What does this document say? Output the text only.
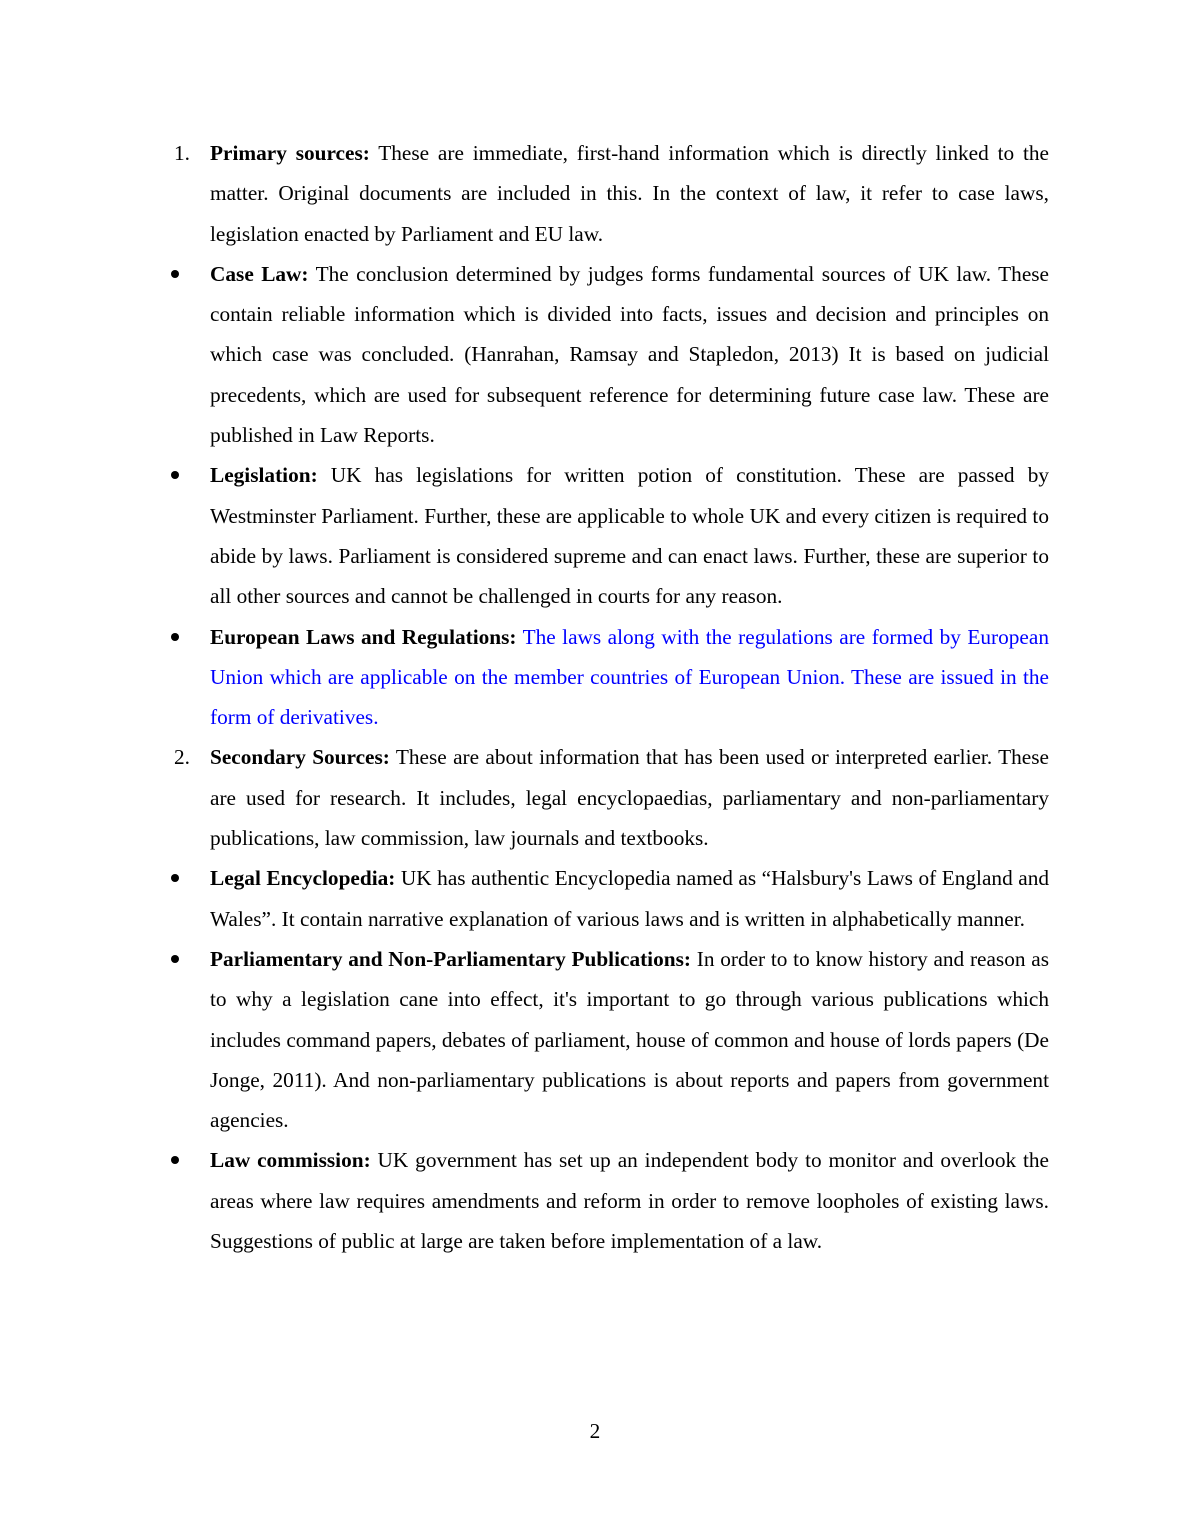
1. Primary sources: These are immediate, first-hand information which is directly linked to the matter. Original documents are included in this. In the context of law, it refer to case laws, legislation enacted by Parliament and EU law.

Case Law: The conclusion determined by judges forms fundamental sources of UK law. These contain reliable information which is divided into facts, issues and decision and principles on which case was concluded. (Hanrahan, Ramsay and Stapledon, 2013) It is based on judicial precedents, which are used for subsequent reference for determining future case law. These are published in Law Reports.

Legislation: UK has legislations for written potion of constitution. These are passed by Westminster Parliament. Further, these are applicable to whole UK and every citizen is required to abide by laws. Parliament is considered supreme and can enact laws. Further, these are superior to all other sources and cannot be challenged in courts for any reason.

European Laws and Regulations: The laws along with the regulations are formed by European Union which are applicable on the member countries of European Union. These are issued in the form of derivatives.

2. Secondary Sources: These are about information that has been used or interpreted earlier. These are used for research. It includes, legal encyclopaedias, parliamentary and non-parliamentary publications, law commission, law journals and textbooks.

Legal Encyclopedia: UK has authentic Encyclopedia named as “Halsbury's Laws of England and Wales”. It contain narrative explanation of various laws and is written in alphabetically manner.

Parliamentary and Non-Parliamentary Publications: In order to to know history and reason as to why a legislation cane into effect, it's important to go through various publications which includes command papers, debates of parliament, house of common and house of lords papers (De Jonge, 2011). And non-parliamentary publications is about reports and papers from government agencies.

Law commission: UK government has set up an independent body to monitor and overlook the areas where law requires amendments and reform in order to remove loopholes of existing laws. Suggestions of public at large are taken before implementation of a law.

2
